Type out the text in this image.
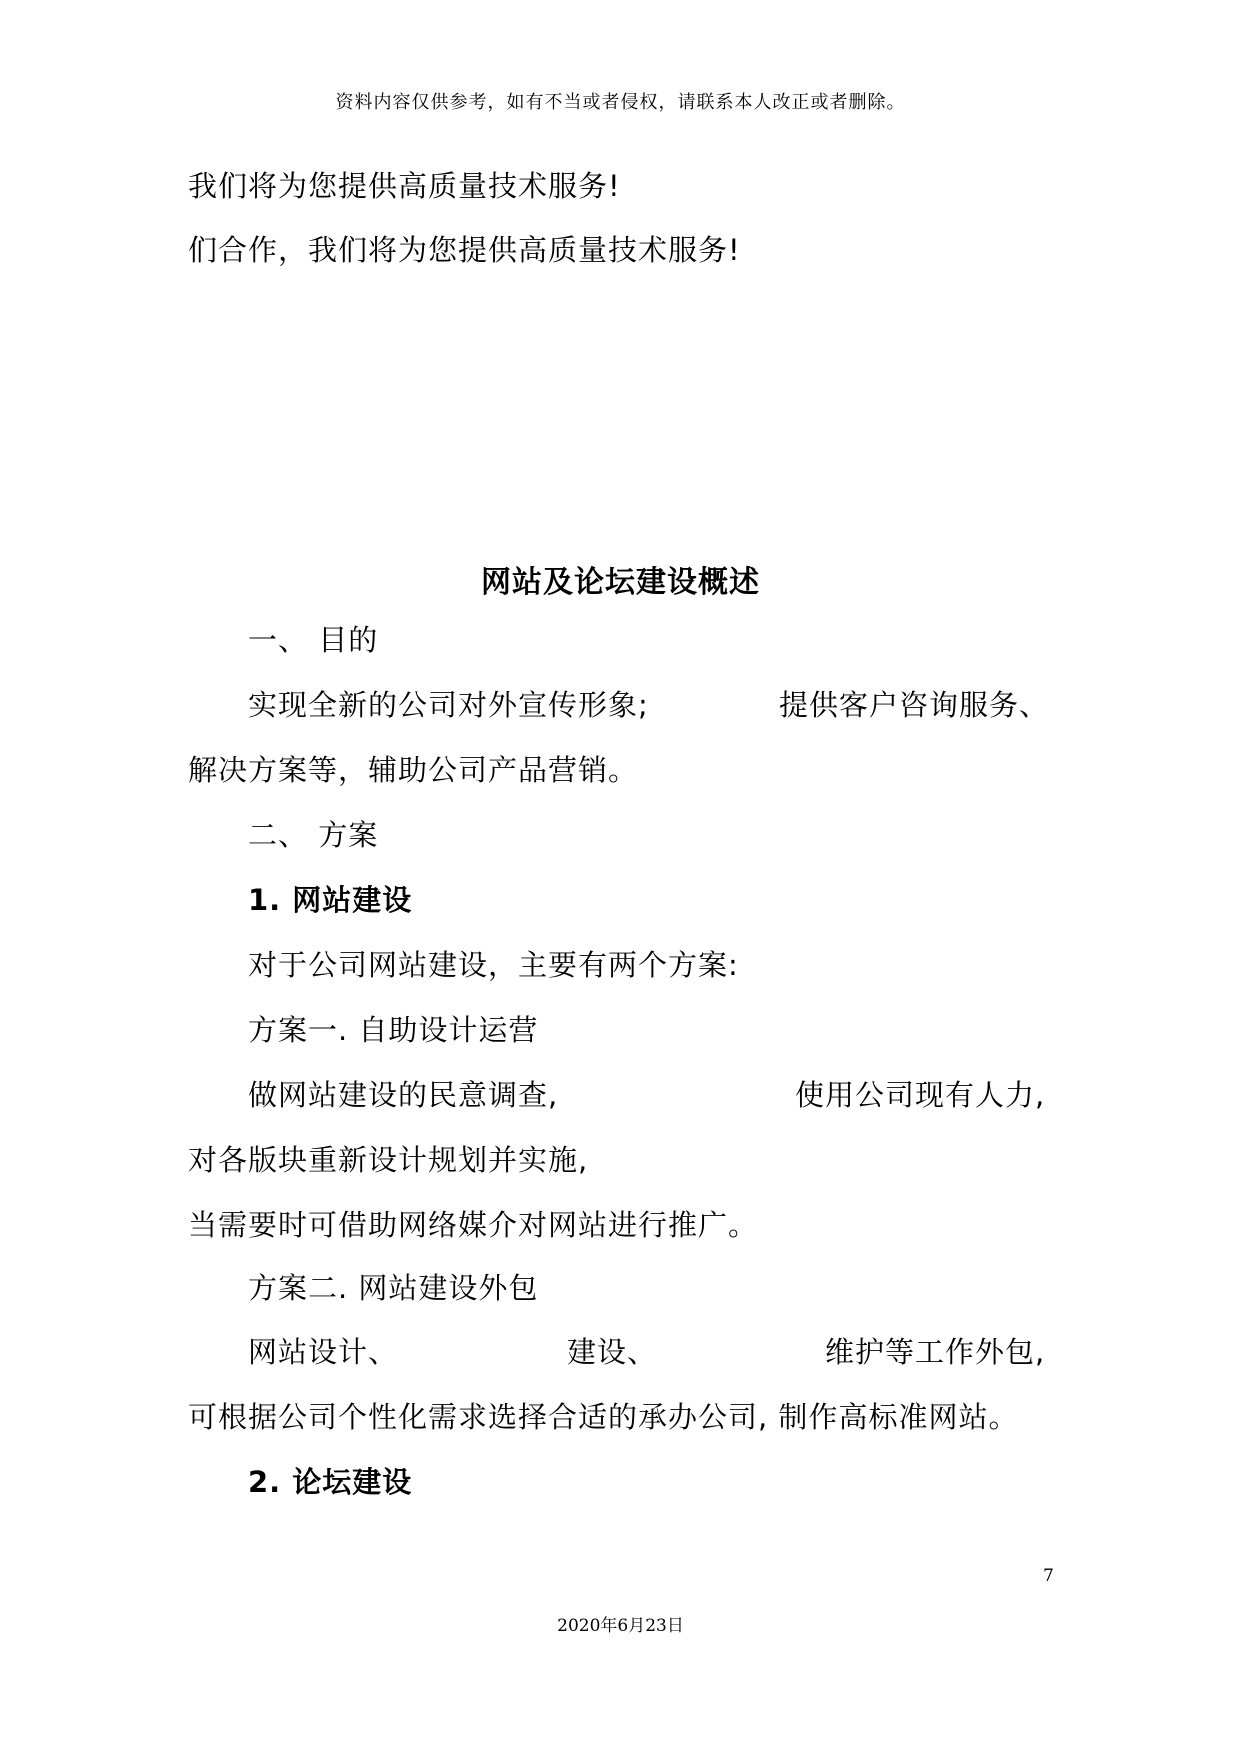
资料内容仅供参考，如有不当或者侵权，请联系本人改正或者删除。
我们将为您提供高质量技术服务!
们合作，我们将为您提供高质量技术服务!
网站及论坛建设概述
一、 目的
实现全新的公司对外宣传形象;	提供客户咨询服务、
解决方案等，辅助公司产品营销。
二、 方案
1. 网站建设
对于公司网站建设，主要有两个方案:
方案一. 自助设计运营
做网站建设的民意调查,	使用公司现有人力,
对各版块重新设计规划并实施,
当需要时可借助网络媒介对网站进行推广。
方案二. 网站建设外包
网站设计、	建设、	维护等工作外包,
可根据公司个性化需求选择合适的承办公司, 制作高标准网站。
2. 论坛建设
7
2020年6月23日
